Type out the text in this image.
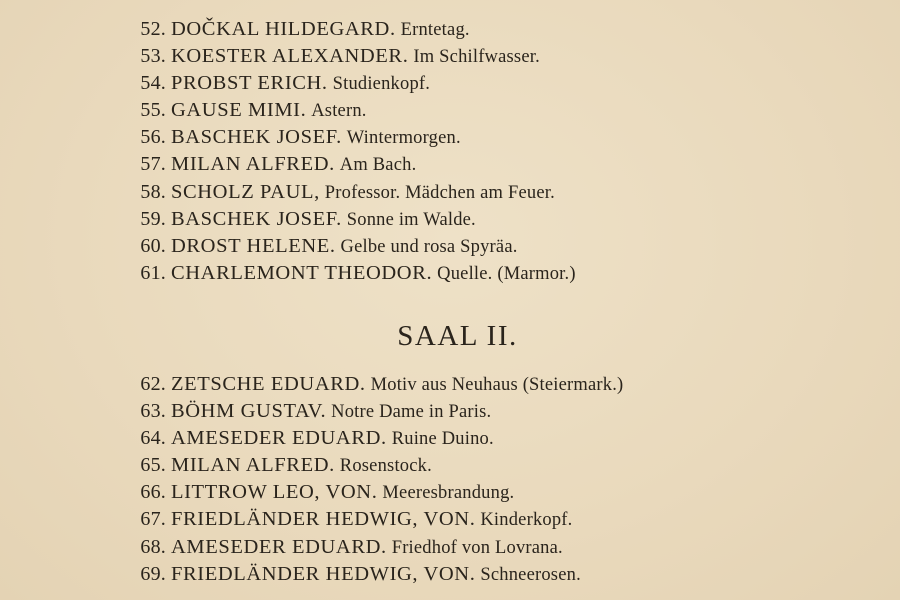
52. DOČKAL HILDEGARD. Erntetag.
53. KOESTER ALEXANDER. Im Schilfwasser.
54. PROBST ERICH. Studienkopf.
55. GAUSE MIMI. Astern.
56. BASCHEK JOSEF. Wintermorgen.
57. MILAN ALFRED. Am Bach.
58. SCHOLZ PAUL, Professor. Mädchen am Feuer.
59. BASCHEK JOSEF. Sonne im Walde.
60. DROST HELENE. Gelbe und rosa Spyräa.
61. CHARLEMONT THEODOR. Quelle. (Marmor.)
SAAL II.
62. ZETSCHE EDUARD. Motiv aus Neuhaus (Steiermark.)
63. BÖHM GUSTAV. Notre Dame in Paris.
64. AMESEDER EDUARD. Ruine Duino.
65. MILAN ALFRED. Rosenstock.
66. LITTROW LEO, VON. Meeresbrandung.
67. FRIEDLÄNDER HEDWIG, VON. Kinderkopf.
68. AMESEDER EDUARD. Friedhof von Lovrana.
69. FRIEDLÄNDER HEDWIG, VON. Schneerosen.
